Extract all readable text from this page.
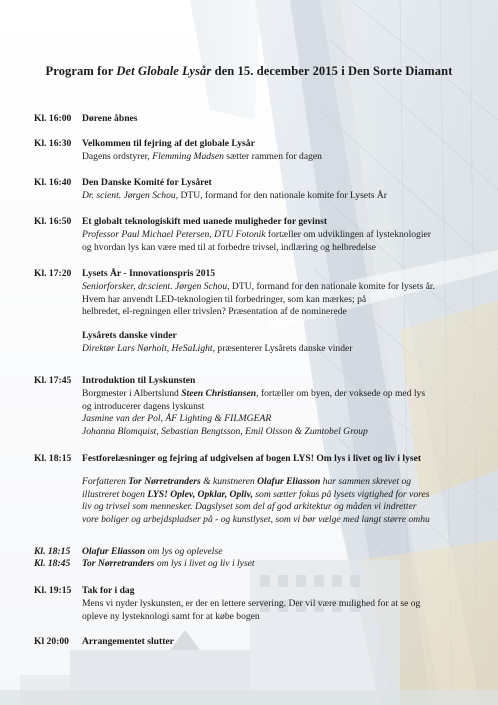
Program for Det Globale Lysår den 15. december 2015 i Den Sorte Diamant
Kl. 16:00	Dørene åbnes
Kl. 16:30	Velkommen til fejring af det globale Lysår
Dagens ordstyrer, Flemming Madsen sætter rammen for dagen
Kl. 16:40	Den Danske Komité for Lysåret
Dr. scient. Jørgen Schou, DTU, formand for den nationale komite for Lysets År
Kl. 16:50	Et globalt teknologiskift med uanede muligheder for gevinst
Professor Paul Michael Petersen, DTU Fotonik fortæller om udviklingen af lysteknologier
og hvordan lys kan være med til at forbedre trivsel, indlæring og helbredelse
Kl. 17:20	Lysets År - Innovationspris 2015
Seniorforsker, dr.scient. Jørgen Schou, DTU, formand for den nationale komite for lysets år.
Hvem har anvendt LED-teknologien til forbedringer, som kan mærkes; på
helbredet, el-regningen eller trivslen? Præsentation af de nominerede
Lysårets danske vinder
Direktør Lars Nørholt, HeSaLight, præsenterer Lysårets danske vinder
Kl. 17:45	Introduktion til Lyskunsten
Borgmester i Albertslund Steen Christiansen, fortæller om byen, der voksede op med lys
og introducerer dagens lyskunst
Jasmine van der Pol, ÅF Lighting & FILMGEAR
Johanna Blomquist, Sebastian Bengtsson, Emil Olsson & Zumtobel Group
Kl. 18:15	Festforelæsninger og fejring af udgivelsen af bogen LYS! Om lys i livet og liv i lyset
Forfatteren Tor Nørretranders & kunstneren Olafur Eliasson har sammen skrevet og
illustreret bogen LYS! Oplev, Opklar, Opliv, som sætter fokus på lysets vigtighed for vores
liv og trivsel som mennesker. Dagslyset som del af god arkitektur og måden vi indretter
vore boliger og arbejdspladser på - og kunstlyset, som vi bør vælge med langt større omhu
Kl. 18:15	Olafur Eliasson om lys og oplevelse
Kl. 18:45	Tor Nørretranders om lys i livet og liv i lyset
Kl. 19:15	Tak for i dag
Mens vi nyder lyskunsten, er der en lettere servering. Der vil være mulighed for at se og
opleve ny lysteknologi samt for at købe bogen
Kl 20:00	Arrangementet slutter
